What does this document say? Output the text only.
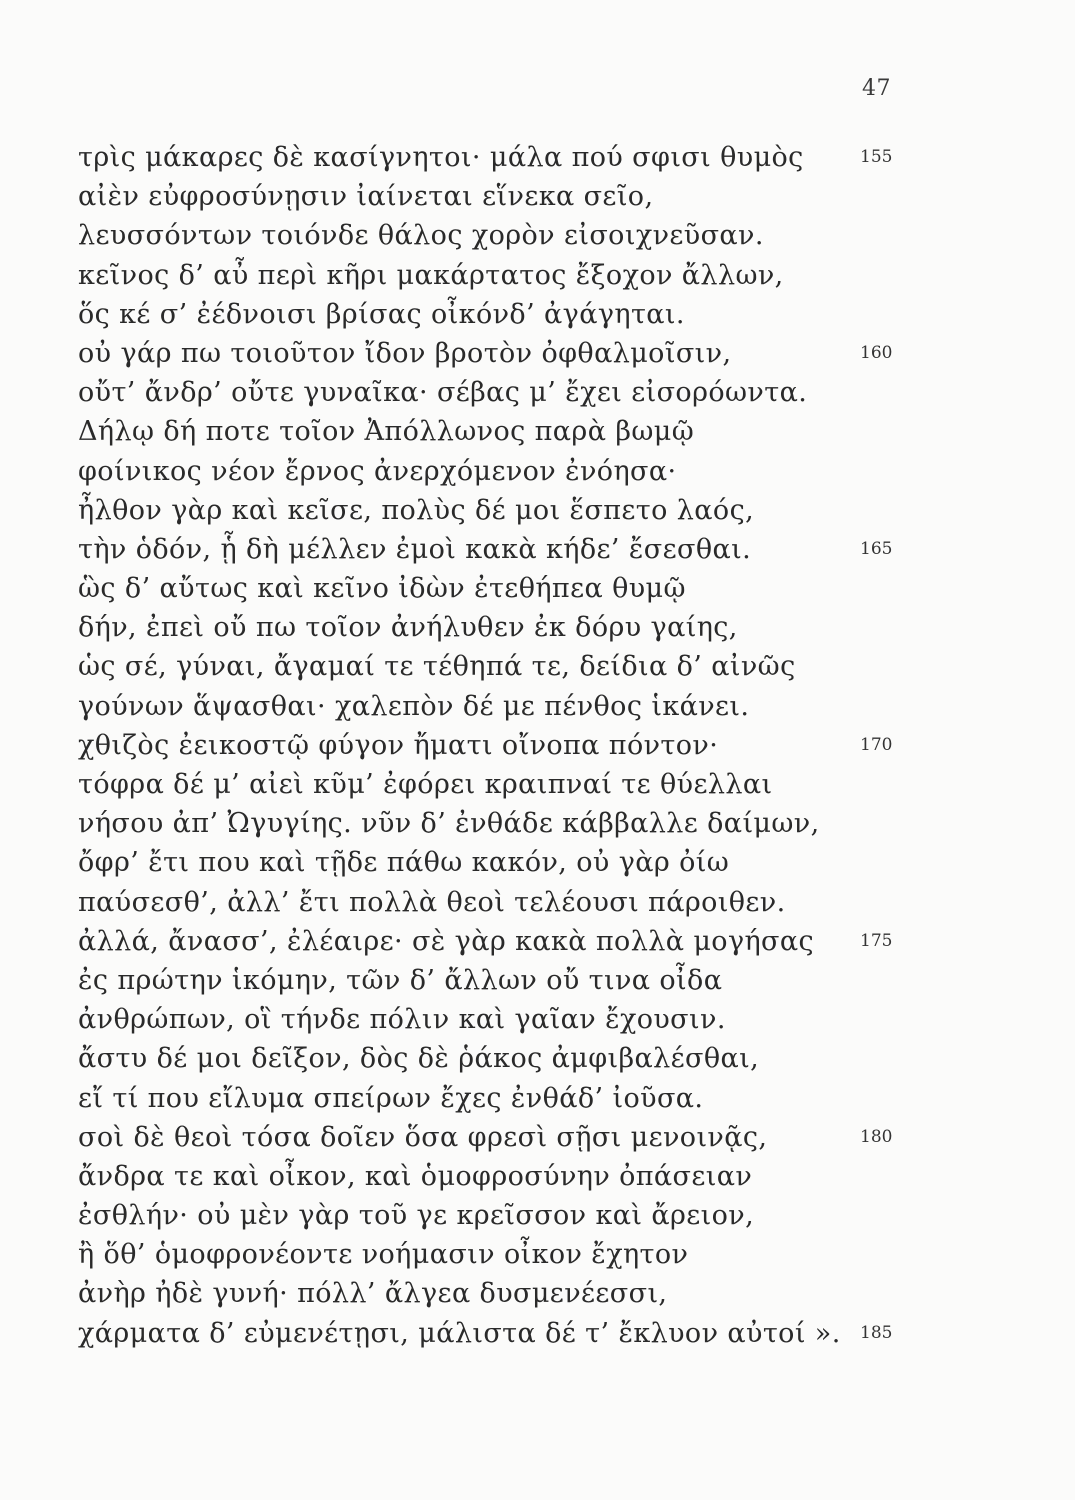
47
τρὶς μάκαρες δὲ κασίγνητοι· μάλα πού σφισι θυμὸς	155
αἰὲν εὐφροσύνῃσιν ἰαίνεται εἵνεκα σεῖο,
λευσσόντων τοιόνδε θάλος χορὸν εἰσοιχνεῦσαν.
κεῖνος δ’ αὖ περὶ κῆρι μακάρτατος ἔξοχον ἄλλων,
ὅς κέ σ’ ἐέδνοισι βρίσας οἶκόνδ’ ἀγάγηται.
οὐ γάρ πω τοιοῦτον ἴδον βροτὸν ὀφθαλμοῖσιν,	160
οὔτ’ ἄνδρ’ οὔτε γυναῖκα· σέβας μ’ ἔχει εἰσορόωντα.
Δήλῳ δή ποτε τοῖον Ἀπόλλωνος παρὰ βωμῷ
φοίνικος νέον ἔρνος ἀνερχόμενον ἐνόησα·
ἦλθον γὰρ καὶ κεῖσε, πολὺς δέ μοι ἕσπετο λαός,
τὴν ὁδόν, ᾗ δὴ μέλλεν ἐμοὶ κακὰ κήδε’ ἔσεσθαι.	165
ὣς δ’ αὔτως καὶ κεῖνο ἰδὼν ἐτεθήπεα θυμῷ
δήν, ἐπεὶ οὔ πω τοῖον ἀνήλυθεν ἐκ δόρυ γαίης,
ὡς σέ, γύναι, ἄγαμαί τε τέθηπά τε, δείδια δ’ αἰνῶς
γούνων ἅψασθαι· χαλεπὸν δέ με πένθος ἱκάνει.
χθιζὸς ἐεικοστῷ φύγον ἤματι οἴνοπα πόντον·	170
τόφρα δέ μ’ αἰεὶ κῦμ’ ἐφόρει κραιπναί τε θύελλαι
νήσου ἀπ’ Ὠγυγίης. νῦν δ’ ἐνθάδε κάββαλλε δαίμων,
ὄφρ’ ἔτι που καὶ τῇδε πάθω κακόν, οὐ γὰρ ὀίω
παύσεσθ’, ἀλλ’ ἔτι πολλὰ θεοὶ τελέουσι πάροιθεν.
ἀλλά, ἄνασσ’, ἐλέαιρε· σὲ γὰρ κακὰ πολλὰ μογήσας	175
ἐς πρώτην ἱκόμην, τῶν δ’ ἄλλων οὔ τινα οἶδα
ἀνθρώπων, οἳ τήνδε πόλιν καὶ γαῖαν ἔχουσιν.
ἄστυ δέ μοι δεῖξον, δὸς δὲ ῥάκος ἀμφιβαλέσθαι,
εἴ τί που εἴλυμα σπείρων ἔχες ἐνθάδ’ ἰοῦσα.
σοὶ δὲ θεοὶ τόσα δοῖεν ὅσα φρεσὶ σῇσι μενοινᾷς,	180
ἄνδρα τε καὶ οἶκον, καὶ ὁμοφροσύνην ὀπάσειαν
ἐσθλήν· οὐ μὲν γὰρ τοῦ γε κρεῖσσον καὶ ἄρειον,
ἢ ὅθ’ ὁμοφρονέοντε νοήμασιν οἶκον ἔχητον
ἀνὴρ ἠδὲ γυνή· πόλλ’ ἄλγεα δυσμενέεσσι,
χάρματα δ’ εὐμενέτῃσι, μάλιστα δέ τ’ ἔκλυον αὐτοί ». 185
